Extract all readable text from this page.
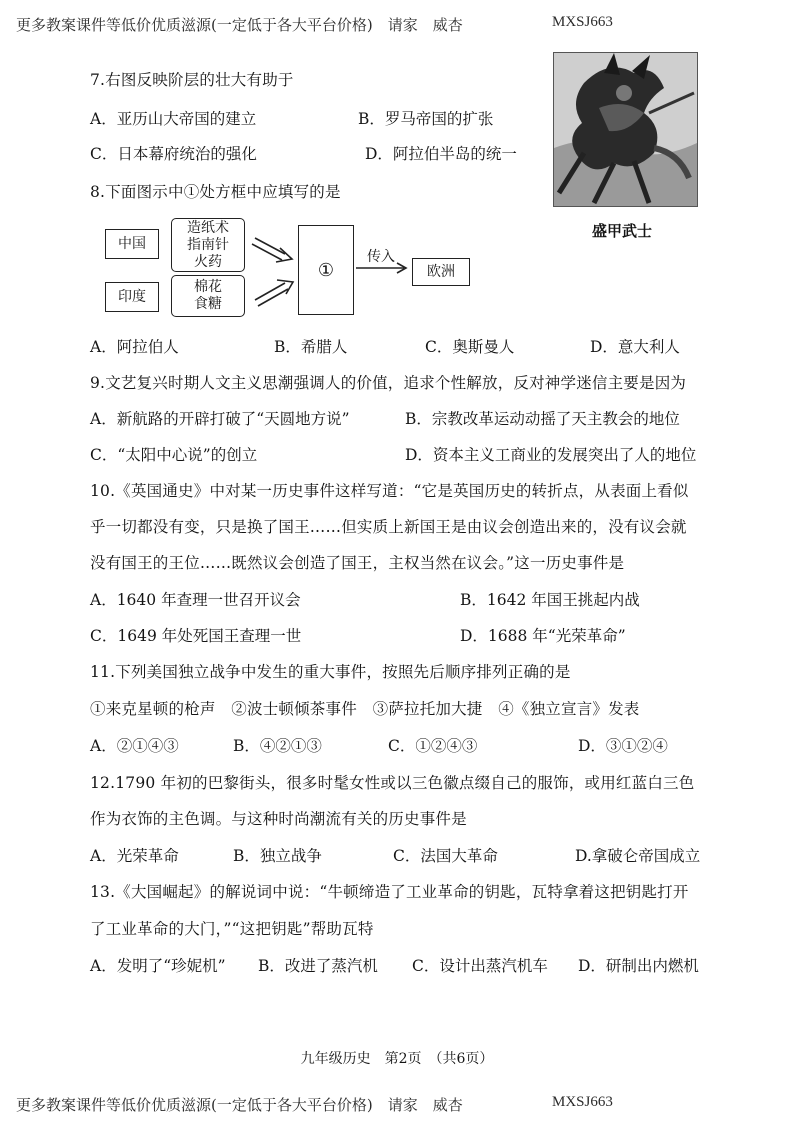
更多教案课件等低价优质滋源(一定低于各大平台价格)　请家　威杏	MXSJ663
7.右图反映阶层的壮大有助于
A．亚历山大帝国的建立	B．罗马帝国的扩张
C．日本幕府统治的强化	D．阿拉伯半岛的统一
盛甲武士
8.下面图示中①处方框中应填写的是
中国
造纸术
指南针
火药
印度
棉花
食糖
①
传入
欧洲
A．阿拉伯人	B．希腊人	C．奥斯曼人	D．意大利人
9.文艺复兴时期人文主义思潮强调人的价值，追求个性解放，反对神学迷信主要是因为
A．新航路的开辟打破了“天圆地方说”	B．宗教改革运动动摇了天主教会的地位
C．“太阳中心说”的创立	D．资本主义工商业的发展突出了人的地位
10.《英国通史》中对某一历史事件这样写道：“它是英国历史的转折点，从表面上看似
乎一切都没有变，只是换了国王……但实质上新国王是由议会创造出来的，没有议会就
没有国王的王位……既然议会创造了国王，主权当然在议会。”这一历史事件是
A．1640 年查理一世召开议会	B．1642 年国王挑起内战
C．1649 年处死国王查理一世	D．1688 年“光荣革命”
11.下列美国独立战争中发生的重大事件，按照先后顺序排列正确的是
①来克星顿的枪声　②波士顿倾茶事件　③萨拉托加大捷　④《独立宣言》发表
A．②①④③	B．④②①③	C．①②④③	D．③①②④
12.1790 年初的巴黎街头，很多时髦女性或以三色徽点缀自己的服饰，或用红蓝白三色
作为衣饰的主色调。与这种时尚潮流有关的历史事件是
A．光荣革命	B．独立战争	C．法国大革命	D.拿破仑帝国成立
13.《大国崛起》的解说词中说：“牛顿缔造了工业革命的钥匙，瓦特拿着这把钥匙打开
了工业革命的大门，”“这把钥匙”帮助瓦特
A．发明了“珍妮机” B．改进了蒸汽机 C．设计出蒸汽机车 D．研制出内燃机
九年级历史　第2页　（共6页）
更多教案课件等低价优质滋源(一定低于各大平台价格)　请家　威杏	MXSJ663
